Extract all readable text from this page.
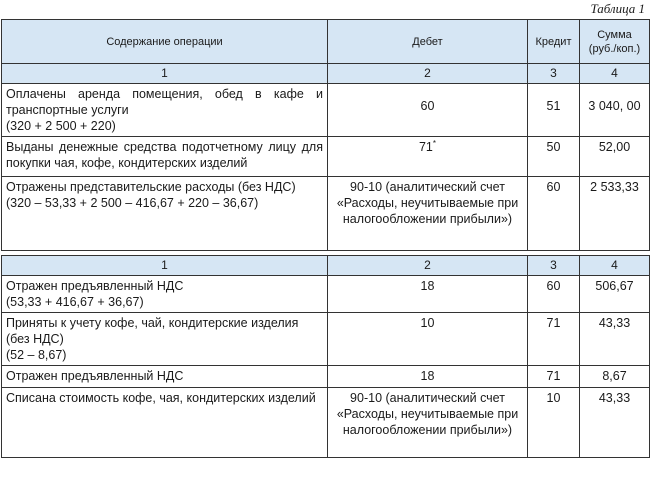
Таблица 1
Содержание операции	Дебет	Кредит	Сумма
(руб./коп.)

1	2	3	4

Оплачены аренда помещения, обед в кафе и транспортные услуги
(320 + 2 500 + 220)	60	51	3 040, 00

Выданы денежные средства подотчетному лицу для покупки чая, кофе, кондитерских изделий	71*	50	52,00

Отражены представительские расходы (без НДС)
(320 – 53,33 + 2 500 – 416,67 + 220 – 36,67)	90-10 (аналитический счет «Расходы, неучитываемые при налогообложении прибыли»)	60	2 533,33

1	2	3	4

Отражен предъявленный НДС
(53,33 + 416,67 + 36,67)	18	60	506,67

Приняты к учету кофе, чай, кондитерские изделия (без НДС)
(52 – 8,67)	10	71	43,33

Отражен предъявленный НДС	18	71	8,67

Списана стоимость кофе, чая, кондитерских изделий	90-10 (аналитический счет «Расходы, неучитываемые при налогообложении прибыли»)	10	43,33
